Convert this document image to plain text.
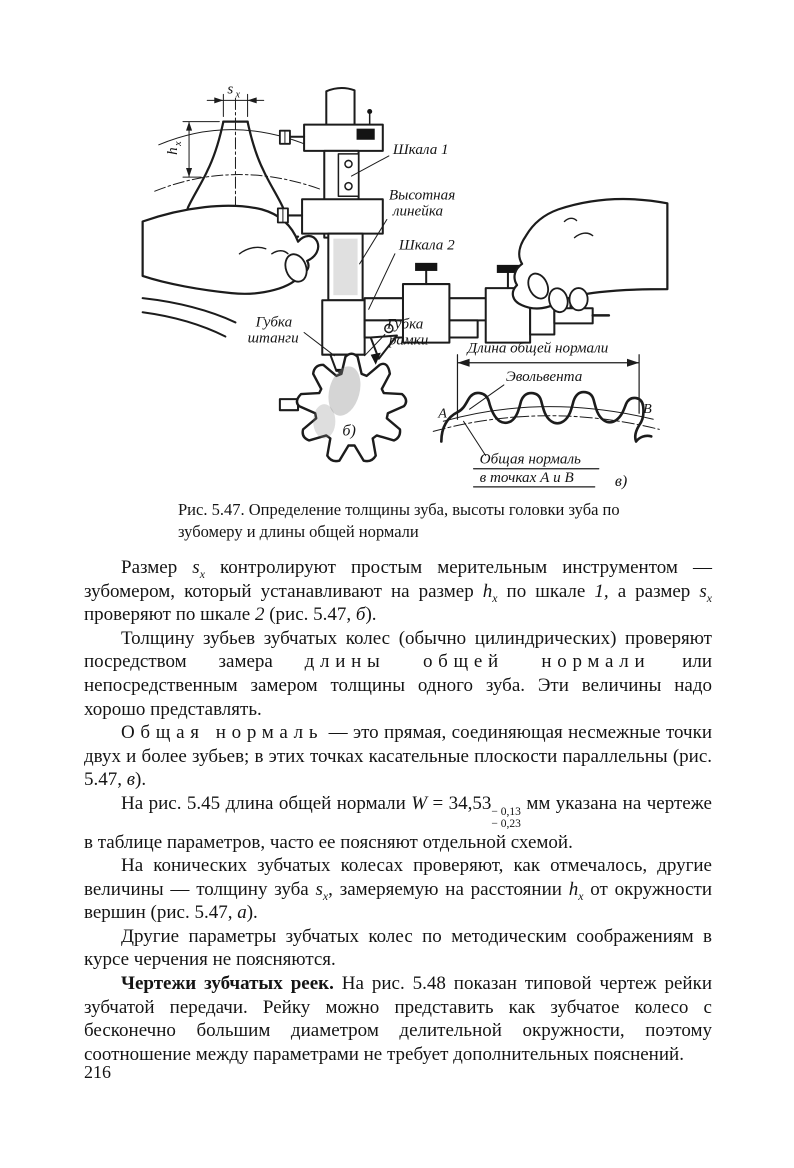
s x
h
x	Шкала 1
Высотная
линейка
Шкала 2
Губка
штанги
Губка
рамки
б)
Длина общей нормали
Эвольвента
А	В
Общая нормаль
в точках А и В	в)
Рис. 5.47. Определение толщины зуба, высоты головки зуба по
зубомеру и длины общей нормали

Размер $s_x$ контролируют простым мерительным инструментом — зубомером, который устанавливают на размер $h_x$ по шкале 1, а размер $s_x$ проверяют по шкале 2 (рис. 5.47, б).

Толщину зубьев зубчатых колес (обычно цилиндрических) проверяют посредством замера длины общей нормали или непосредственным замером толщины одного зуба. Эти величины надо хорошо представлять.

Общая нормаль — это прямая, соединяющая несмежные точки двух и более зубьев; в этих точках касательные плоскости параллельны (рис. 5.47, в).

На рис. 5.45 длина общей нормали W = 34,53 − 0,13
− 0,23
мм указана на чертеже в таблице параметров, часто ее поясняют отдельной схемой.

На конических зубчатых колесах проверяют, как отмечалось, другие величины — толщину зуба $s_x$, замеряемую на расстоянии $h_x$ от окружности вершин (рис. 5.47, а).

Другие параметры зубчатых колес по методическим соображениям в курсе черчения не поясняются.

Чертежи зубчатых реек. На рис. 5.48 показан типовой чертеж рейки зубчатой передачи. Рейку можно представить как зубчатое колесо с бесконечно большим диаметром делительной окружности, поэтому соотношение между параметрами не требует дополнительных пояснений.

216
